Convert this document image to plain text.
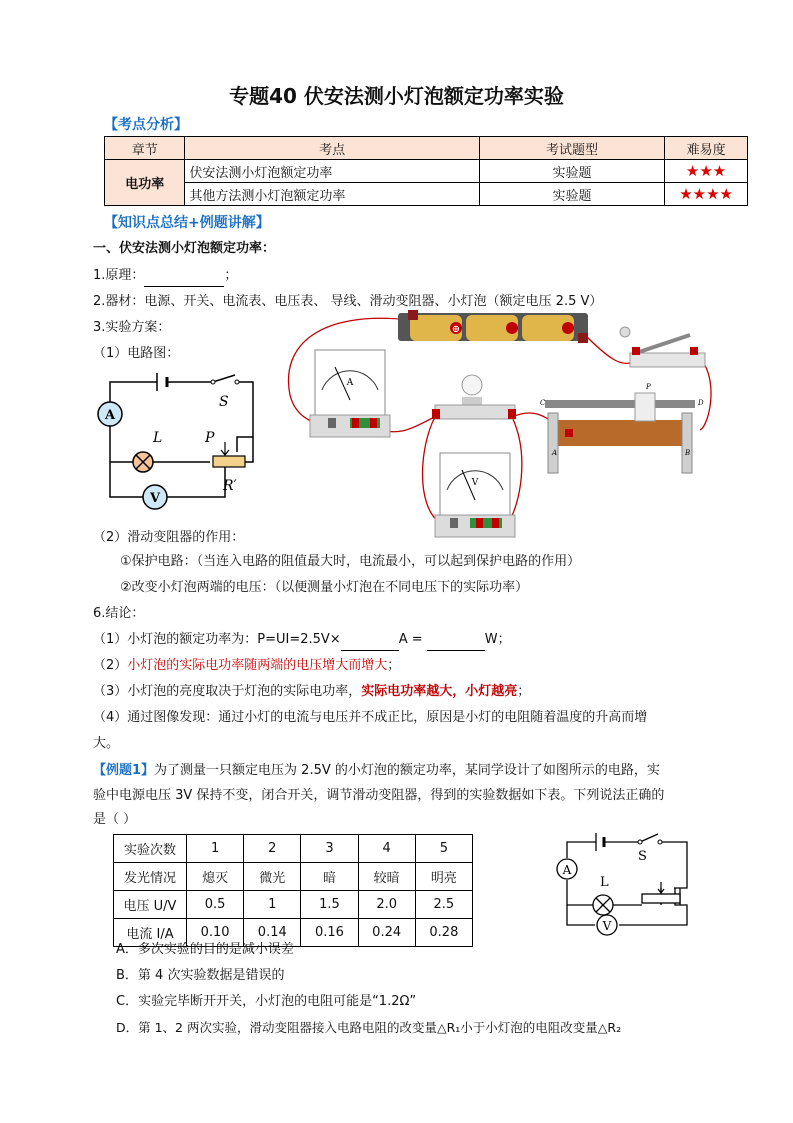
专题40 伏安法测小灯泡额定功率实验
【考点分析】
章节	考点	考试题型	难易度
电功率	伏安法测小灯泡额定功率	实验题	★★★
	其他方法测小灯泡额定功率	实验题	★★★★
【知识点总结+例题讲解】
一、伏安法测小灯泡额定功率：
1.原理：	；
2.器材：电源、开关、电流表、电压表、 导线、滑动变阻器、小灯泡（额定电压 2.5 V）
3.实验方案：
（1）电路图：
A
L	P
R′
S
V
⊕
A
V
P
C	D
A	B
（2）滑动变阻器的作用：
①保护电路：（当连入电路的阻值最大时，电流最小，可以起到保护电路的作用）
②改变小灯泡两端的电压：（以便测量小灯泡在不同电压下的实际功率）
6.结论：
（1）小灯泡的额定功率为：P=UI=2.5V×	A =	W；
（2）小灯泡的实际电功率随两端的电压增大而增大；
（3）小灯泡的亮度取决于灯泡的实际电功率，实际电功率越大，小灯越亮；
（4）通过图像发现：通过小灯的电流与电压并不成正比，原因是小灯的电阻随着温度的升高而增
大。
【例题1】为了测量一只额定电压为 2.5V 的小灯泡的额定功率，某同学设计了如图所示的电路，实
验中电源电压 3V 保持不变，闭合开关，调节滑动变阻器，得到的实验数据如下表。下列说法正确的
是（ ）
实验次数	1	2	3	4	5
发光情况	熄灭	微光	暗	较暗	明亮
电压 U/V	0.5	1	1.5	2.0	2.5
电流 I/A	0.10	0.14	0.16	0.24	0.28
A
L
S
V
A．多次实验的目的是减小误差
B．第 4 次实验数据是错误的
C．实验完毕断开开关，小灯泡的电阻可能是“1.2Ω”
D．第 1、2 两次实验，滑动变阻器接入电路电阻的改变量△R₁小于小灯泡的电阻改变量△R₂
